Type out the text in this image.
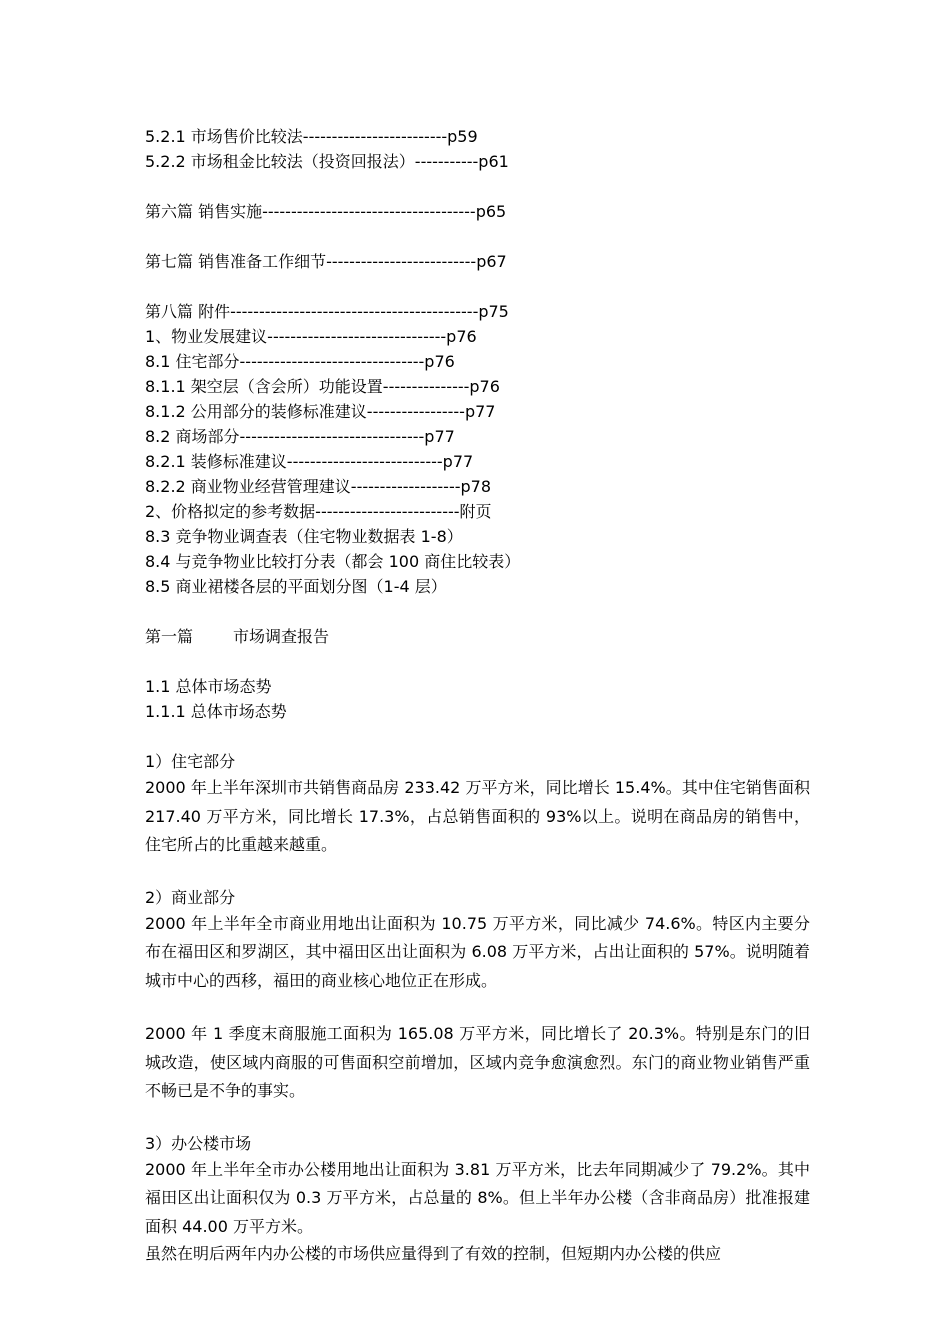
5.2.1 市场售价比较法-------------------------p59
5.2.2 市场租金比较法（投资回报法）-----------p61
第六篇 销售实施-------------------------------------p65
第七篇 销售准备工作细节--------------------------p67
第八篇 附件-------------------------------------------p75
1、物业发展建议-------------------------------p76
8.1 住宅部分--------------------------------p76
8.1.1 架空层（含会所）功能设置---------------p76
8.1.2 公用部分的装修标准建议-----------------p77
8.2 商场部分--------------------------------p77
8.2.1 装修标准建议---------------------------p77
8.2.2 商业物业经营管理建议-------------------p78
2、价格拟定的参考数据-------------------------附页
8.3 竞争物业调查表（住宅物业数据表 1-8）
8.4 与竞争物业比较打分表（都会 100 商住比较表）
8.5 商业裙楼各层的平面划分图（1-4 层）
第一篇	市场调查报告
1.1 总体市场态势
1.1.1 总体市场态势
1）住宅部分
2000 年上半年深圳市共销售商品房 233.42 万平方米，同比增长 15.4%。其中住宅销售面积 217.40 万平方米，同比增长 17.3%，占总销售面积的 93%以上。说明在商品房的销售中，住宅所占的比重越来越重。
2）商业部分
2000 年上半年全市商业用地出让面积为 10.75 万平方米，同比减少 74.6%。特区内主要分布在福田区和罗湖区，其中福田区出让面积为 6.08 万平方米，占出让面积的 57%。说明随着城市中心的西移，福田的商业核心地位正在形成。
2000 年 1 季度末商服施工面积为 165.08 万平方米，同比增长了 20.3%。特别是东门的旧城改造，使区域内商服的可售面积空前增加，区域内竞争愈演愈烈。东门的商业物业销售严重不畅已是不争的事实。
3）办公楼市场
2000 年上半年全市办公楼用地出让面积为 3.81 万平方米，比去年同期减少了 79.2%。其中福田区出让面积仅为 0.3 万平方米，占总量的 8%。但上半年办公楼（含非商品房）批准报建面积 44.00 万平方米。
虽然在明后两年内办公楼的市场供应量得到了有效的控制，但短期内办公楼的供应
